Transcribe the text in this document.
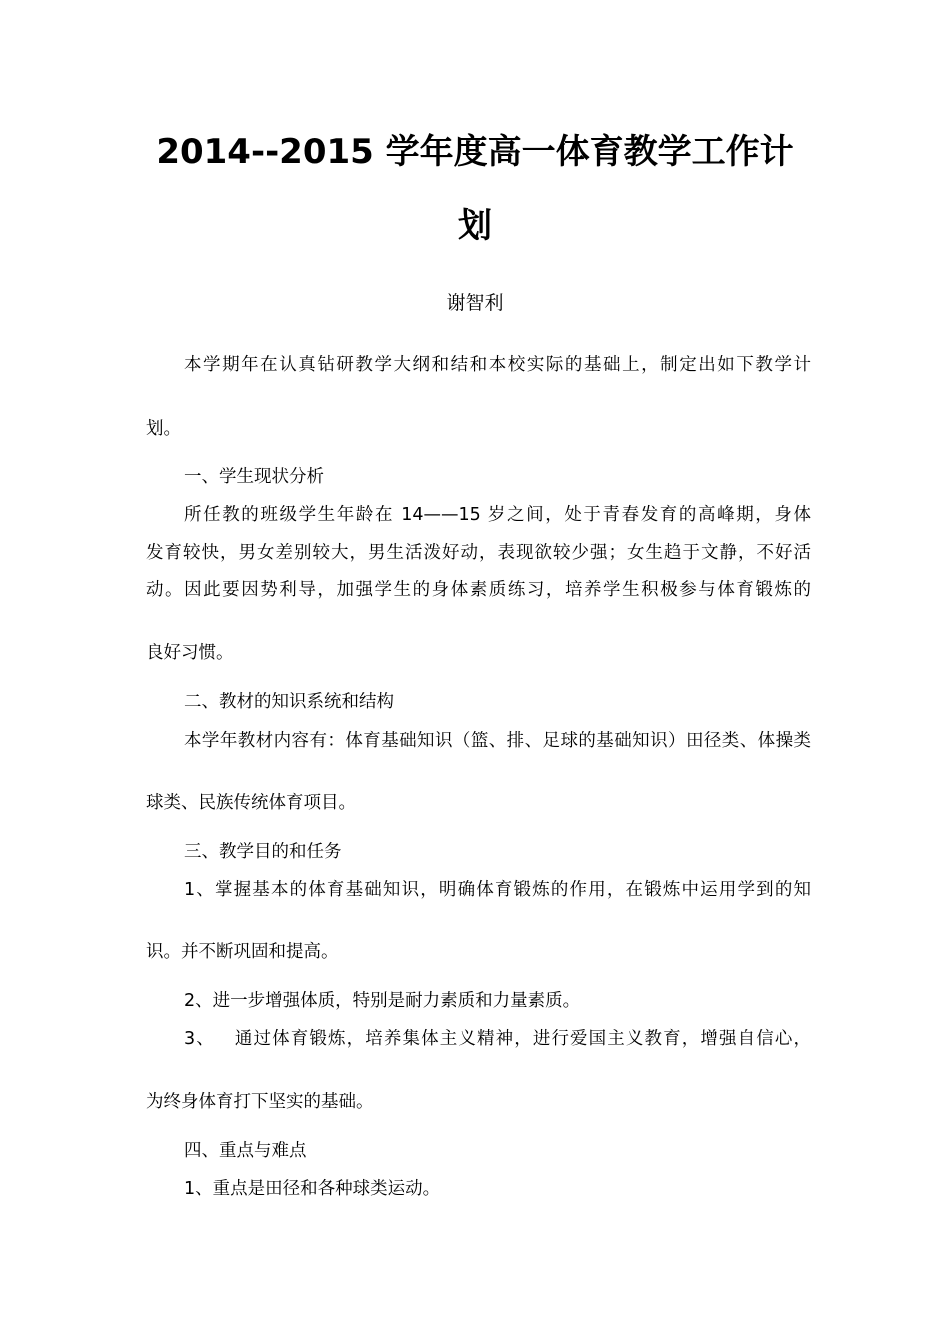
2014--2015 学年度高一体育教学工作计
划
谢智利
本学期年在认真钻研教学大纲和结和本校实际的基础上，制定出如下教学计
划。
一、学生现状分析
所任教的班级学生年龄在 14——15 岁之间，处于青春发育的高峰期，身体
发育较快，男女差别较大，男生活泼好动，表现欲较少强；女生趋于文静，不好活
动。因此要因势利导，加强学生的身体素质练习，培养学生积极参与体育锻炼的
良好习惯。
二、教材的知识系统和结构
本学年教材内容有：体育基础知识（篮、排、足球的基础知识）田径类、体操类
球类、民族传统体育项目。
三、教学目的和任务
1、掌握基本的体育基础知识，明确体育锻炼的作用，在锻炼中运用学到的知
识。并不断巩固和提高。
2、进一步增强体质，特别是耐力素质和力量素质。
3、   通过体育锻炼，培养集体主义精神，进行爱国主义教育，增强自信心，
为终身体育打下坚实的基础。
四、重点与难点
1、重点是田径和各种球类运动。
